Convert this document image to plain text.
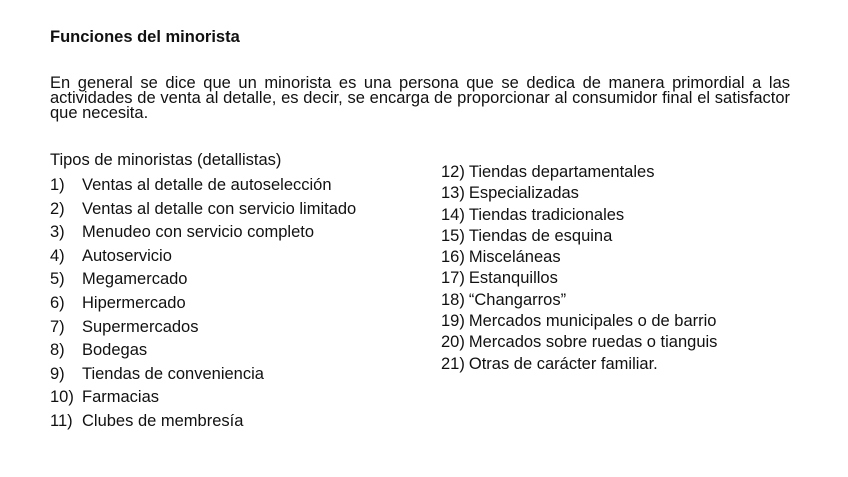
Funciones del minorista

En general se dice que un minorista es una persona que se dedica de manera primordial a las actividades de venta al detalle, es decir, se encarga de proporcionar al consumidor final el satisfactor que necesita.

Tipos de minoristas (detallistas)

1) Ventas al detalle de autoselección
2) Ventas al detalle con servicio limitado
3) Menudeo con servicio completo
4) Autoservicio
5) Megamercado
6) Hipermercado
7) Supermercados
8) Bodegas
9) Tiendas de conveniencia
10) Farmacias
11) Clubes de membresía
12) Tiendas departamentales
13) Especializadas
14) Tiendas tradicionales
15) Tiendas de esquina
16) Misceláneas
17) Estanquillos
18) “Changarros”
19) Mercados municipales o de barrio
20) Mercados sobre ruedas o tianguis
21) Otras de carácter familiar.
